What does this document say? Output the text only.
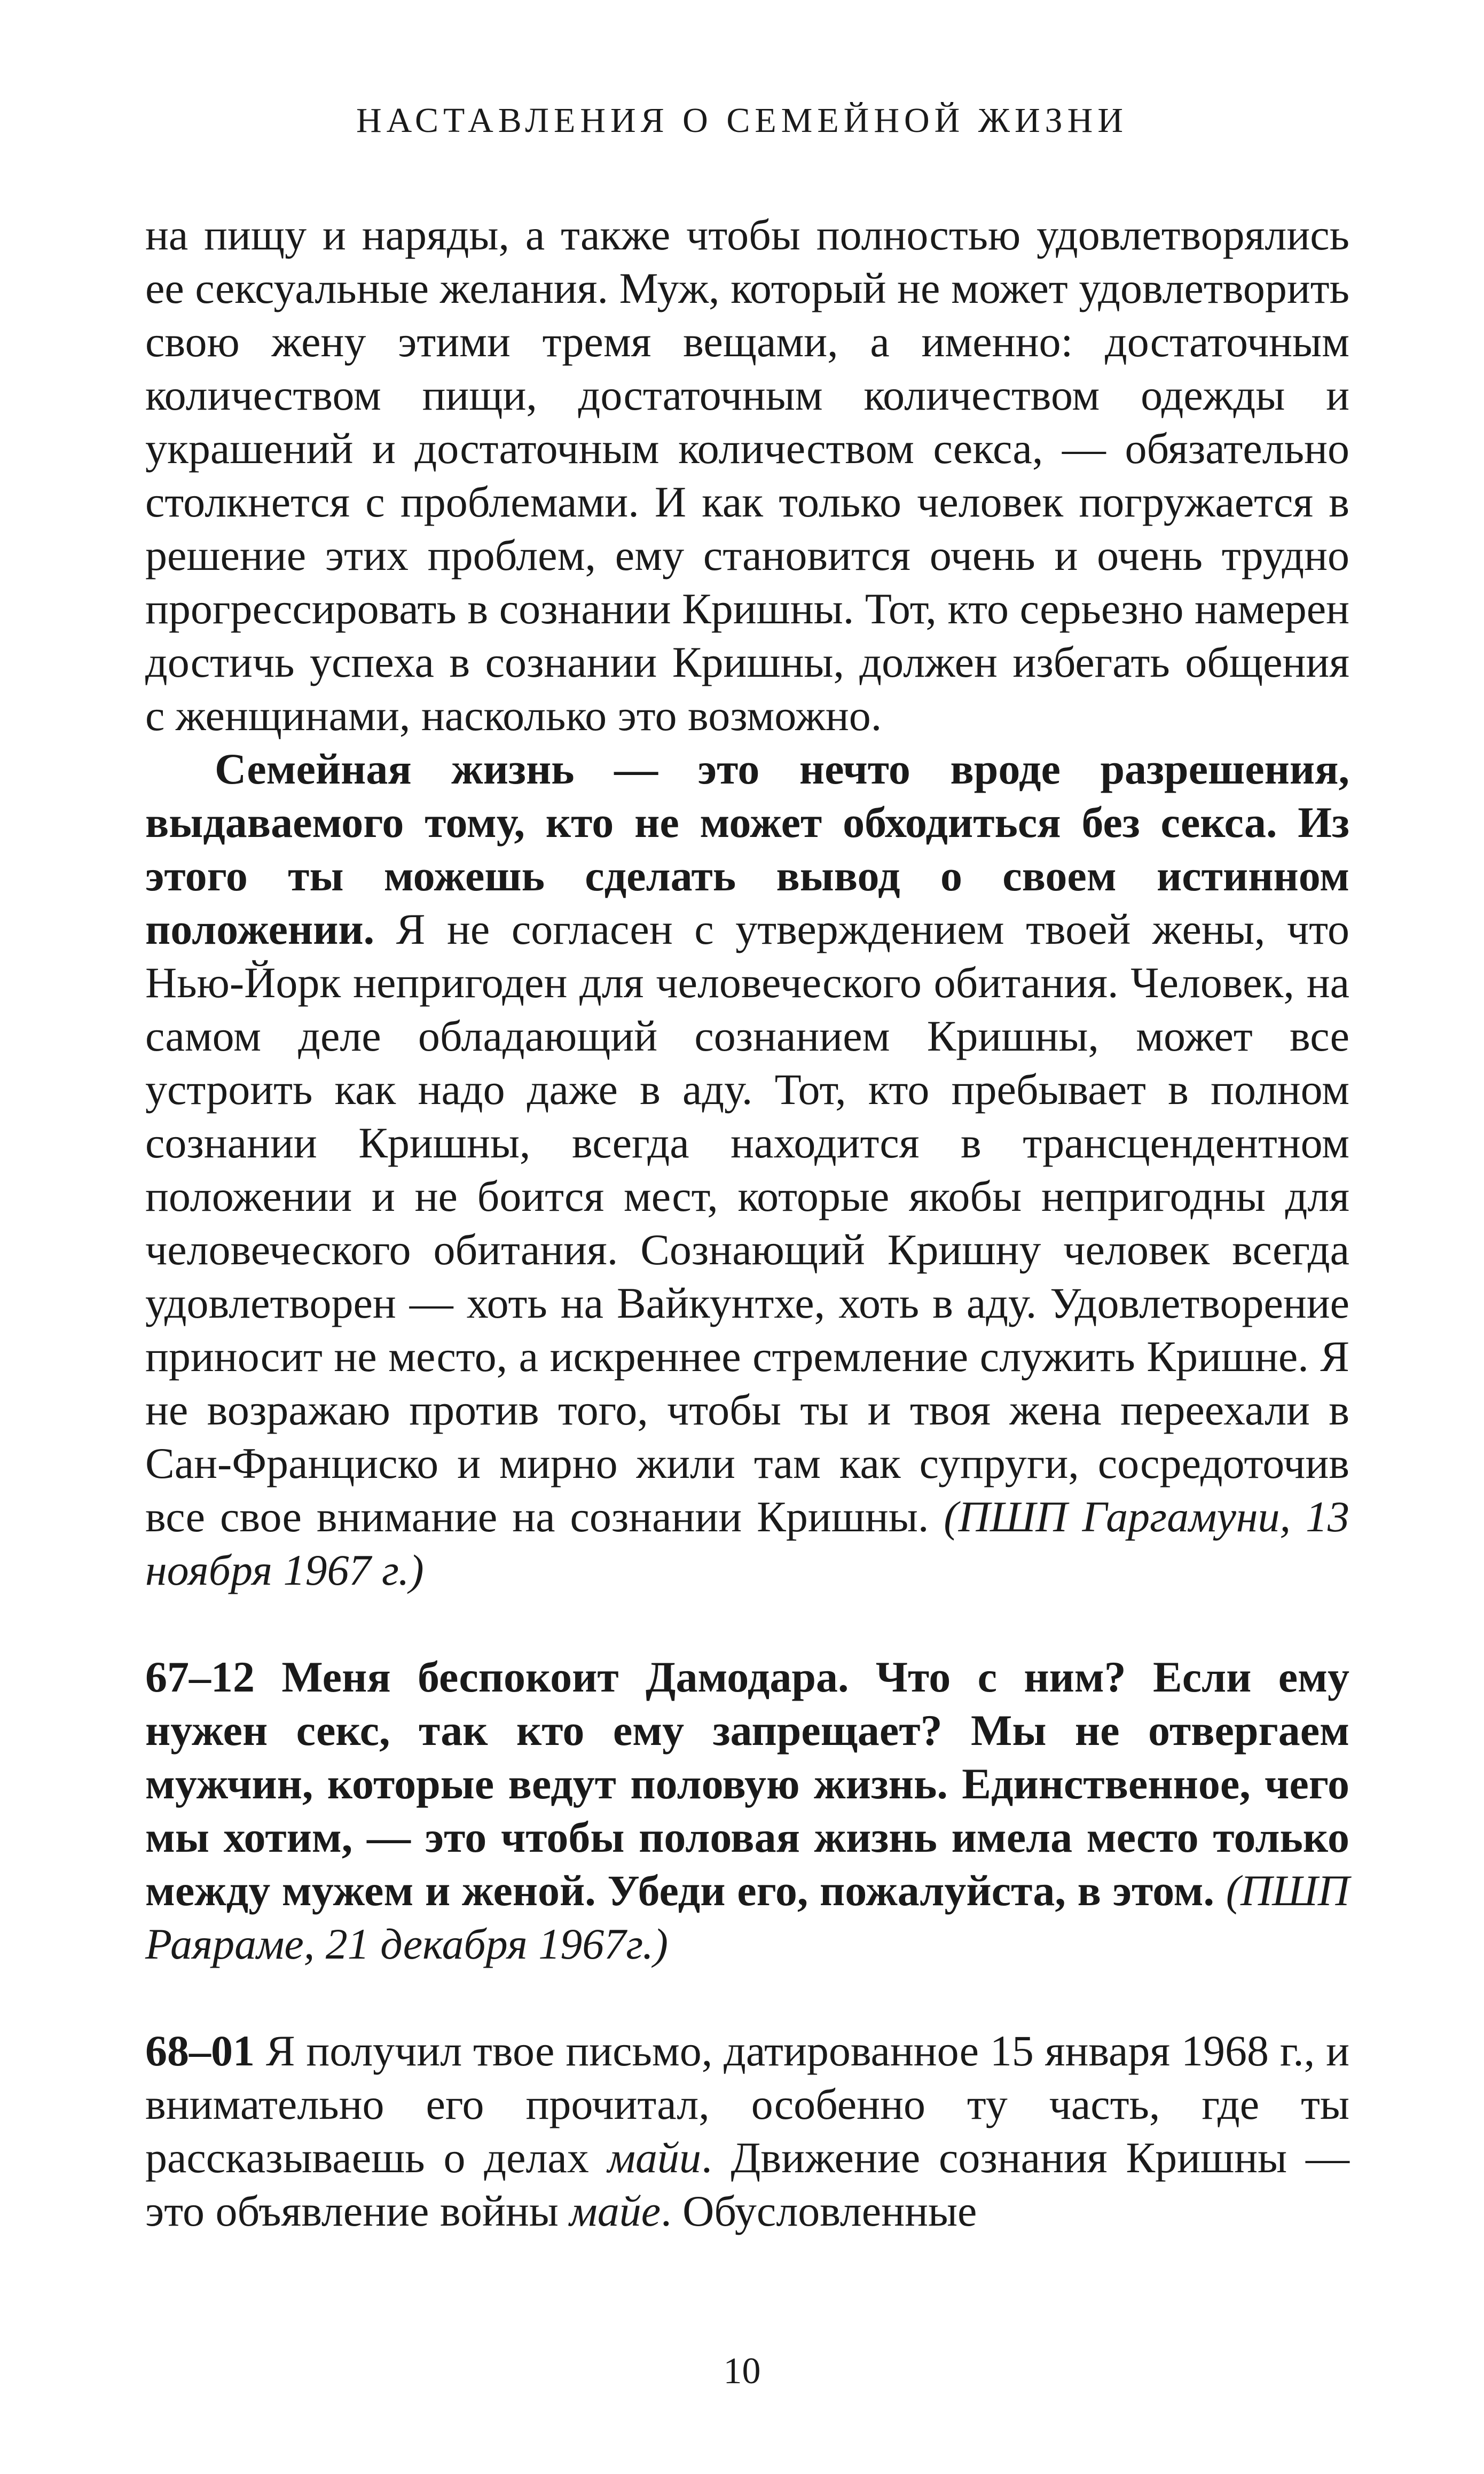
НАСТАВЛЕНИЯ О СЕМЕЙНОЙ ЖИЗНИ

на пищу и наряды, а также чтобы полностью удовлетворялись ее сексуальные желания. Муж, который не может удовлетворить свою жену этими тремя вещами, а именно: достаточным количеством пищи, достаточным количеством одежды и украшений и достаточным количеством секса, — обязательно столкнется с проблемами. И как только человек погружается в решение этих проблем, ему становится очень и очень трудно прогрессировать в сознании Кришны. Тот, кто серьезно намерен достичь успеха в сознании Кришны, должен избегать общения с женщинами, насколько это возможно.

Семейная жизнь — это нечто вроде разрешения, выдаваемого тому, кто не может обходиться без секса. Из этого ты можешь сделать вывод о своем истинном положении. Я не согласен с утверждением твоей жены, что Нью-Йорк непригоден для человеческого обитания. Человек, на самом деле обладающий сознанием Кришны, может все устроить как надо даже в аду. Тот, кто пребывает в полном сознании Кришны, всегда находится в трансцендентном положении и не боится мест, которые якобы непригодны для человеческого обитания. Сознающий Кришну человек всегда удовлетворен — хоть на Вайкунтхе, хоть в аду. Удовлетворение приносит не место, а искреннее стремление служить Кришне. Я не возражаю против того, чтобы ты и твоя жена переехали в Сан-Франциско и мирно жили там как супруги, сосредоточив все свое внимание на сознании Кришны. (ПШП Гаргамуни, 13 ноября 1967 г.)

67–12 Меня беспокоит Дамодара. Что с ним? Если ему нужен секс, так кто ему запрещает? Мы не отвергаем мужчин, которые ведут половую жизнь. Единственное, чего мы хотим, — это чтобы половая жизнь имела место только между мужем и женой. Убеди его, пожалуйста, в этом. (ПШП Раяраме, 21 декабря 1967г.)

68–01 Я получил твое письмо, датированное 15 января 1968 г., и внимательно его прочитал, особенно ту часть, где ты рассказываешь о делах майи. Движение сознания Кришны — это объявление войны майе. Обусловленные

10
